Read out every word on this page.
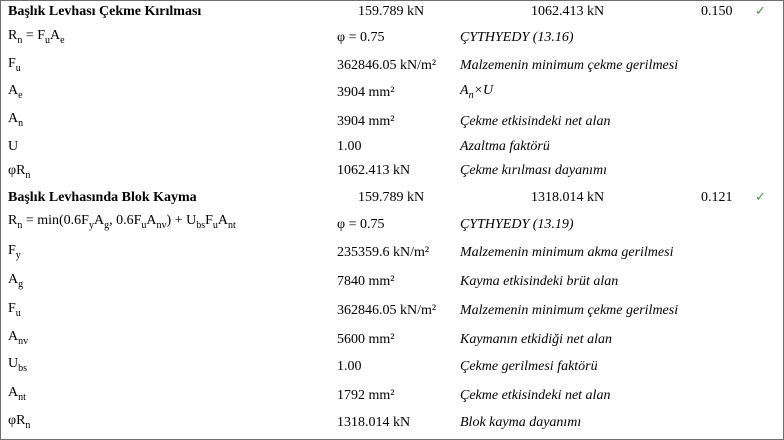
Başlık Levhası Çekme Kırılması	159.789 kN	1062.413 kN	0.150 ✓
$R_n = F_uA_e$	φ = 0.75	ÇYTHYEDY (13.16)
$F_u$	362846.05 kN/m² Malzemenin minimum çekme gerilmesi
$A_e$	3904 mm²	$A_n\times U$
$A_n$	3904 mm²	Çekme etkisindeki net alan
U	1.00	Azaltma faktörü
$\varphi R_n$	1062.413 kN	Çekme kırılması dayanımı
Başlık Levhasında Blok Kayma	159.789 kN	1318.014 kN	0.121 ✓
$R_n = \min(0.6F_yA_g$, $0.6F_uA_{nv}) + U_{bs}F_uA_{nt}$	φ = 0.75	ÇYTHYEDY (13.19)
$F_y$	235359.6 kN/m² Malzemenin minimum akma gerilmesi
$A_g$	7840 mm²	Kayma etkisindeki brüt alan
$F_u$	362846.05 kN/m² Malzemenin minimum çekme gerilmesi
$A_{nv}$	5600 mm²	Kaymanın etkidiği net alan
$U_{bs}$	1.00	Çekme gerilmesi faktörü
$A_{nt}$	1792 mm²	Çekme etkisindeki net alan
$\varphi R_n$	1318.014 kN	Blok kayma dayanımı
